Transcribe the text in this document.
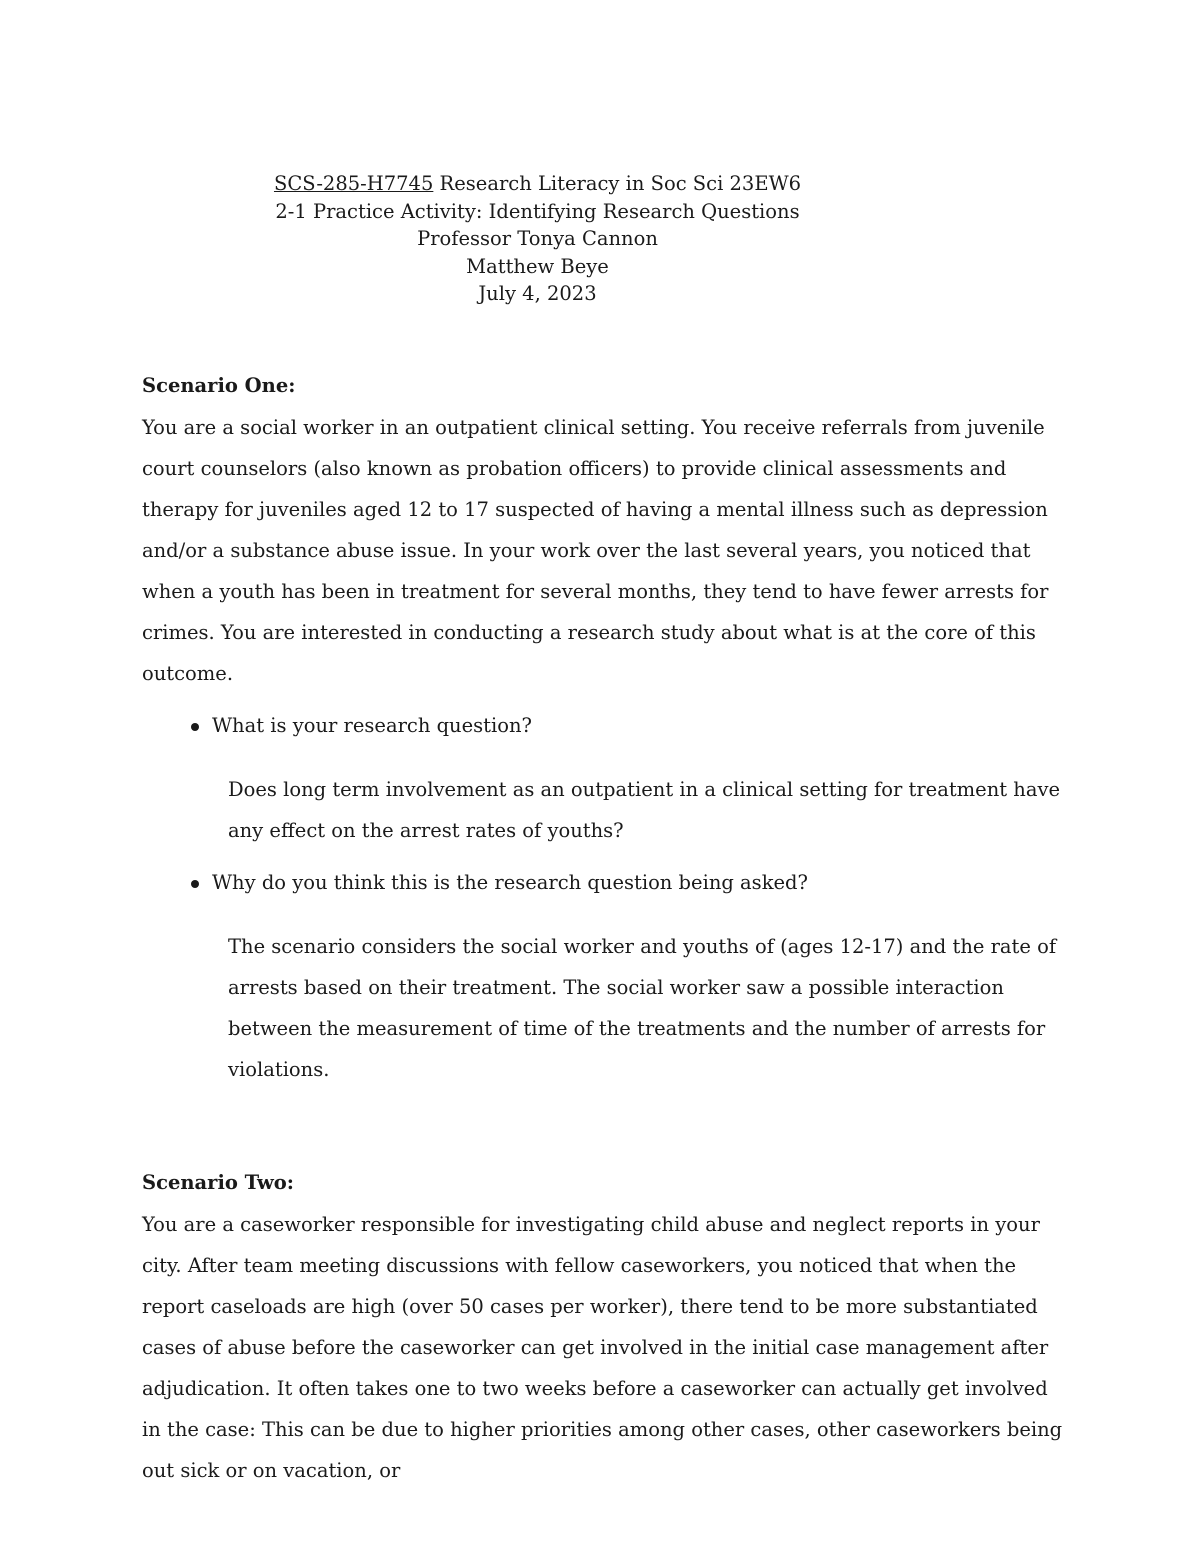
SCS-285-H7745 Research Literacy in Soc Sci 23EW6
2-1 Practice Activity: Identifying Research Questions
Professor Tonya Cannon
Matthew Beye
July 4, 2023

Scenario One:

You are a social worker in an outpatient clinical setting. You receive referrals from juvenile court counselors (also known as probation officers) to provide clinical assessments and therapy for juveniles aged 12 to 17 suspected of having a mental illness such as depression and/or a substance abuse issue. In your work over the last several years, you noticed that when a youth has been in treatment for several months, they tend to have fewer arrests for crimes. You are interested in conducting a research study about what is at the core of this outcome.

What is your research question?

Does long term involvement as an outpatient in a clinical setting for treatment have any effect on the arrest rates of youths?

Why do you think this is the research question being asked?

The scenario considers the social worker and youths of (ages 12-17) and the rate of arrests based on their treatment. The social worker saw a possible interaction between the measurement of time of the treatments and the number of arrests for violations.

Scenario Two:

You are a caseworker responsible for investigating child abuse and neglect reports in your city. After team meeting discussions with fellow caseworkers, you noticed that when the report caseloads are high (over 50 cases per worker), there tend to be more substantiated cases of abuse before the caseworker can get involved in the initial case management after adjudication. It often takes one to two weeks before a caseworker can actually get involved in the case: This can be due to higher priorities among other cases, other caseworkers being out sick or on vacation, or
